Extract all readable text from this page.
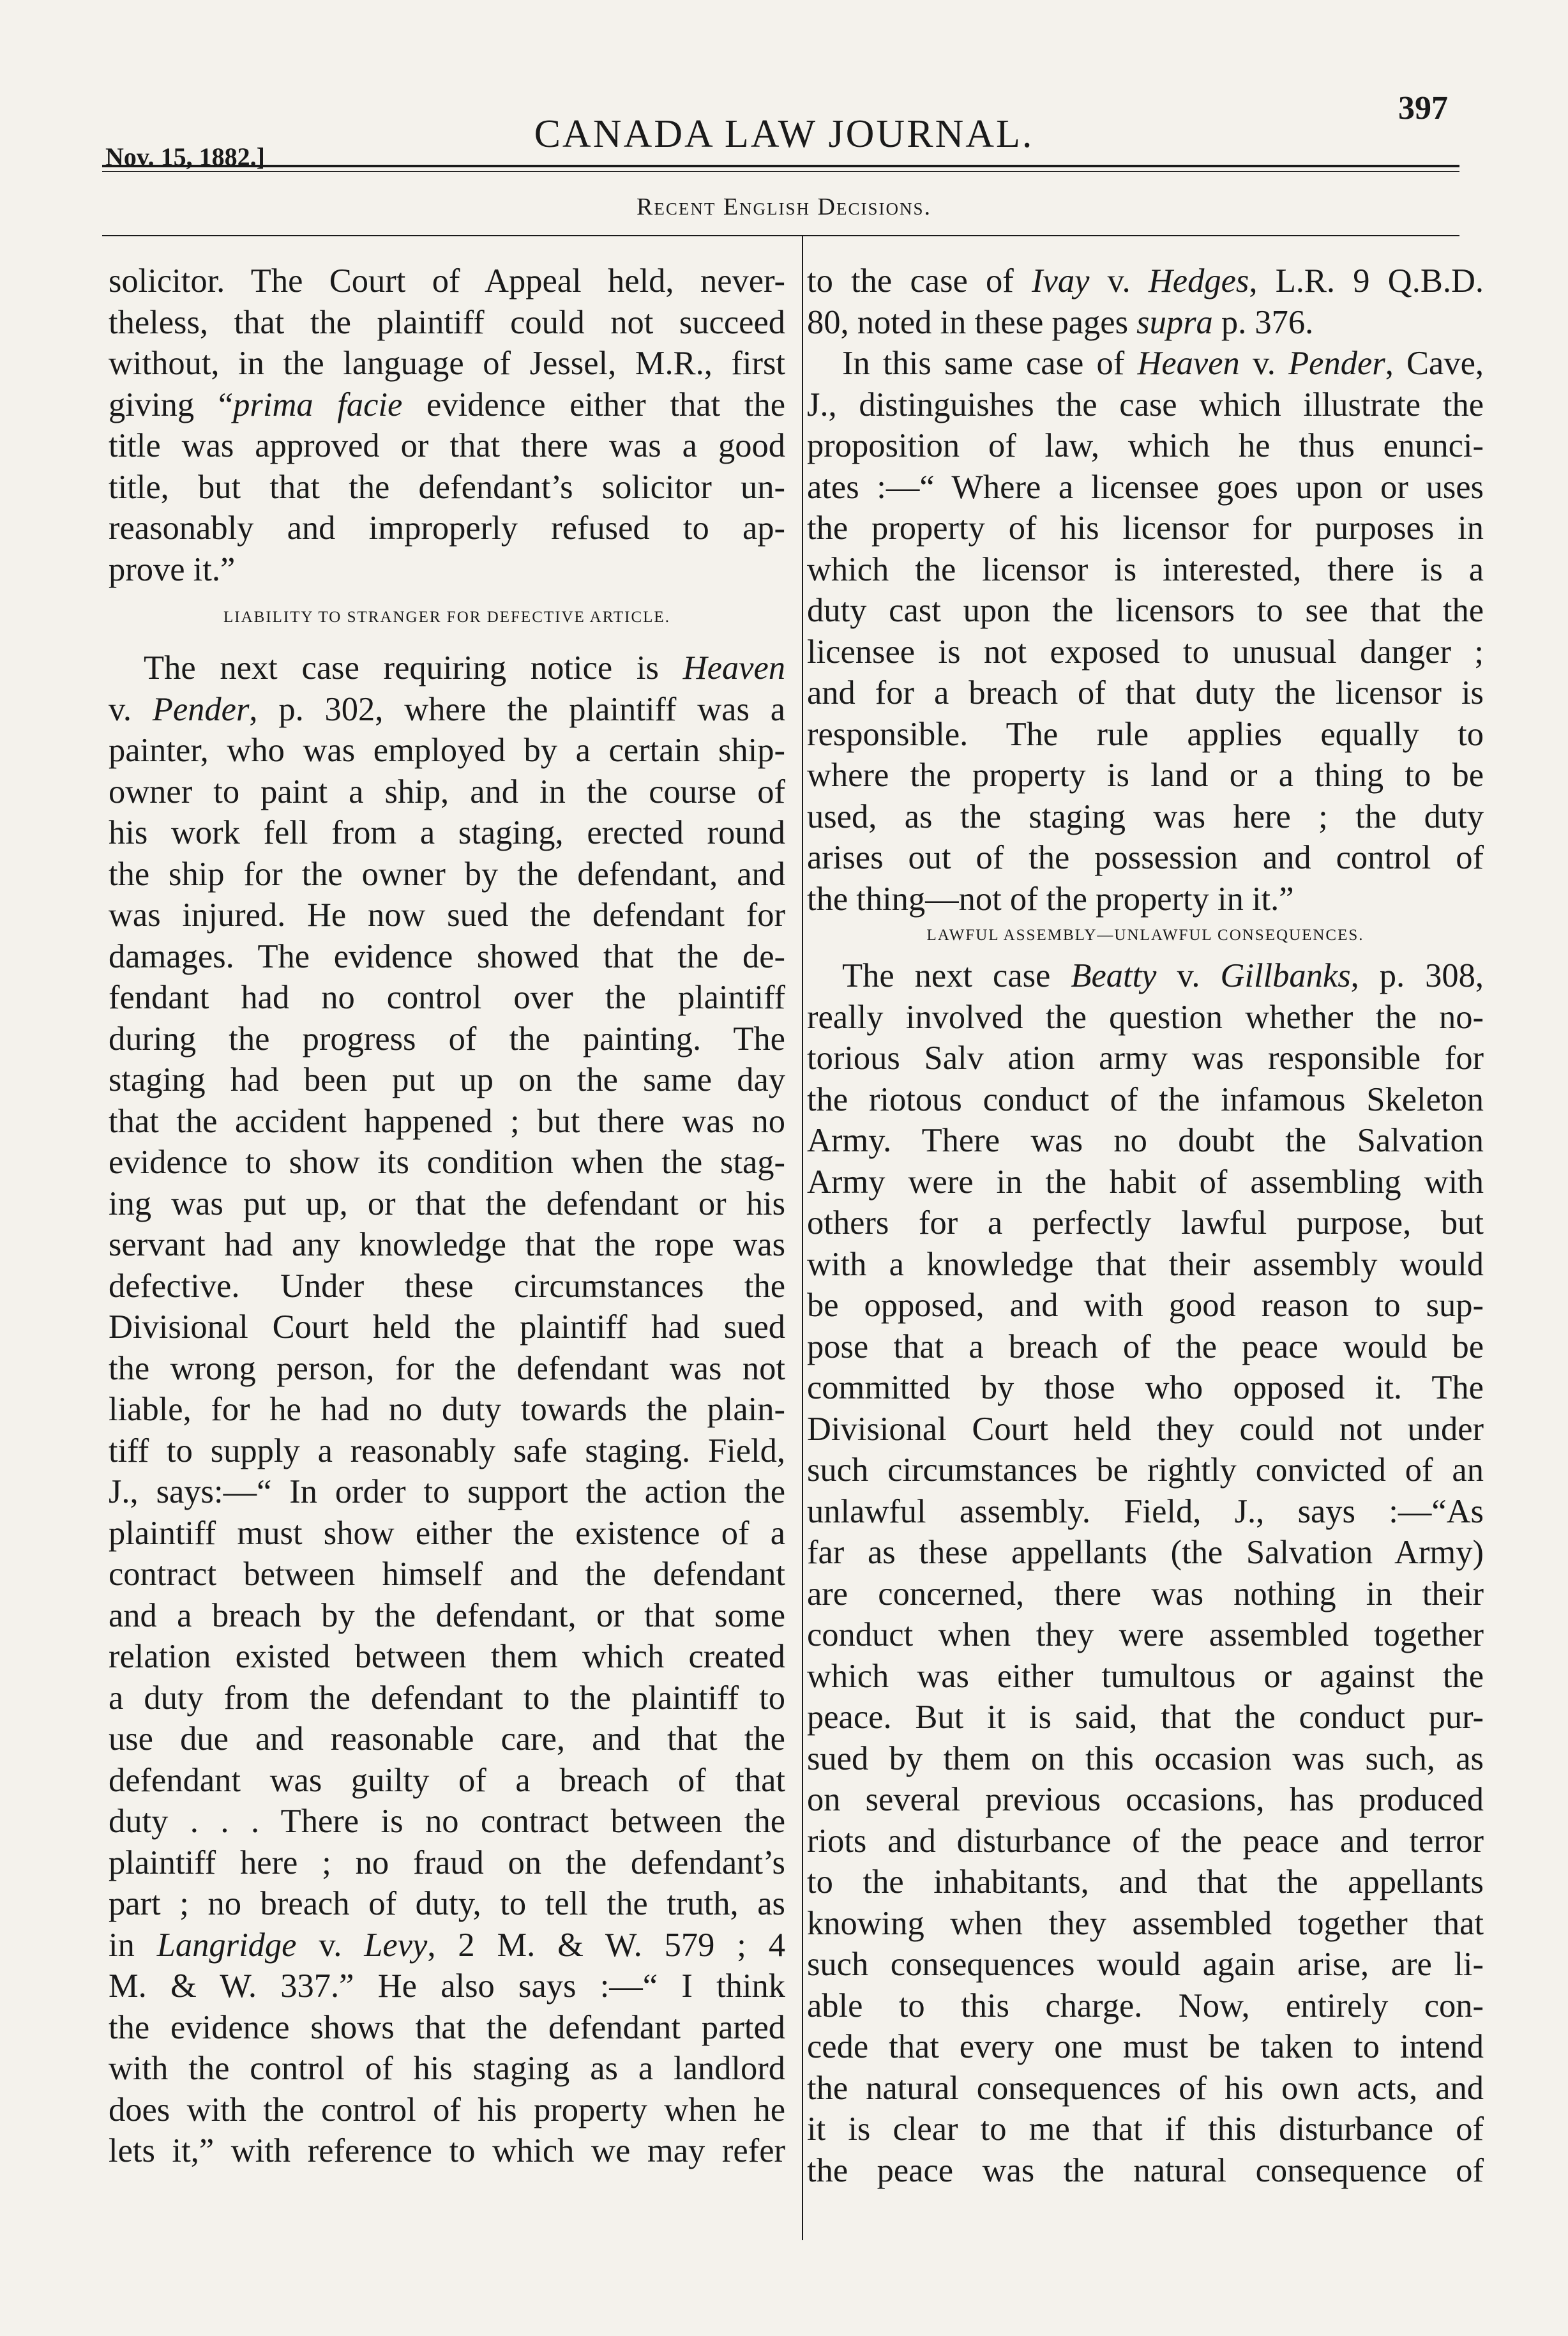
Nov. 15, 1882.]
CANADA LAW JOURNAL.
397
Recent English Decisions.
solicitor. The Court of Appeal held, never-
theless, that the plaintiff could not succeed
without, in the language of Jessel, M.R., first
giving “prima facie evidence either that the
title was approved or that there was a good
title, but that the defendant’s solicitor un-
reasonably and improperly refused to ap-
prove it.”
LIABILITY TO STRANGER FOR DEFECTIVE ARTICLE.
The next case requiring notice is Heaven
v. Pender, p. 302, where the plaintiff was a
painter, who was employed by a certain ship-
owner to paint a ship, and in the course of
his work fell from a staging, erected round
the ship for the owner by the defendant, and
was injured. He now sued the defendant for
damages. The evidence showed that the de-
fendant had no control over the plaintiff
during the progress of the painting. The
staging had been put up on the same day
that the accident happened ; but there was no
evidence to show its condition when the stag-
ing was put up, or that the defendant or his
servant had any knowledge that the rope was
defective. Under these circumstances the
Divisional Court held the plaintiff had sued
the wrong person, for the defendant was not
liable, for he had no duty towards the plain-
tiff to supply a reasonably safe staging. Field,
J., says:—“ In order to support the action the
plaintiff must show either the existence of a
contract between himself and the defendant
and a breach by the defendant, or that some
relation existed between them which created
a duty from the defendant to the plaintiff to
use due and reasonable care, and that the
defendant was guilty of a breach of that
duty . . . There is no contract between the
plaintiff here ; no fraud on the defendant’s
part ; no breach of duty, to tell the truth, as
in Langridge v. Levy, 2 M. & W. 579 ; 4
M. & W. 337.” He also says :—“ I think
the evidence shows that the defendant parted
with the control of his staging as a landlord
does with the control of his property when he
lets it,” with reference to which we may refer
to the case of Ivay v. Hedges, L.R. 9 Q.B.D.
80, noted in these pages supra p. 376.
In this same case of Heaven v. Pender, Cave,
J., distinguishes the case which illustrate the
proposition of law, which he thus enunci-
ates :—“ Where a licensee goes upon or uses
the property of his licensor for purposes in
which the licensor is interested, there is a
duty cast upon the licensors to see that the
licensee is not exposed to unusual danger ;
and for a breach of that duty the licensor is
responsible. The rule applies equally to
where the property is land or a thing to be
used, as the staging was here ; the duty
arises out of the possession and control of
the thing—not of the property in it.”
LAWFUL ASSEMBLY—UNLAWFUL CONSEQUENCES.
The next case Beatty v. Gillbanks, p. 308,
really involved the question whether the no-
torious Salv ation army was responsible for
the riotous conduct of the infamous Skeleton
Army. There was no doubt the Salvation
Army were in the habit of assembling with
others for a perfectly lawful purpose, but
with a knowledge that their assembly would
be opposed, and with good reason to sup-
pose that a breach of the peace would be
committed by those who opposed it. The
Divisional Court held they could not under
such circumstances be rightly convicted of an
unlawful assembly. Field, J., says :—“As
far as these appellants (the Salvation Army)
are concerned, there was nothing in their
conduct when they were assembled together
which was either tumultous or against the
peace. But it is said, that the conduct pur-
sued by them on this occasion was such, as
on several previous occasions, has produced
riots and disturbance of the peace and terror
to the inhabitants, and that the appellants
knowing when they assembled together that
such consequences would again arise, are li-
able to this charge. Now, entirely con-
cede that every one must be taken to intend
the natural consequences of his own acts, and
it is clear to me that if this disturbance of
the peace was the natural consequence of
